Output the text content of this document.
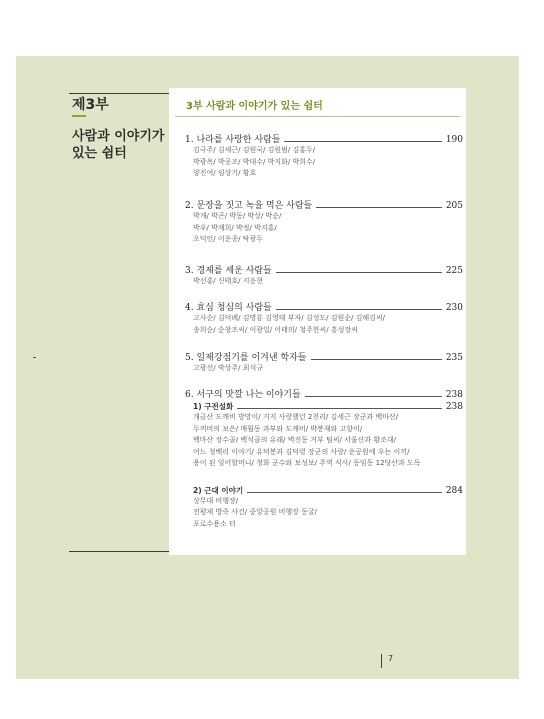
제3부
사람과 이야기가 있는 쉼터
3부 사람과 이야기가 있는 쉼터
1. 나라를 사랑한 사람들	190
김극주/ 김세근/ 김원국/ 김원범/ 김홍두/
박광옥/ 박공조/ 박대수/ 박지화/ 박희수/
양진여/ 임상기/ 황호
2. 문장을 짓고 녹을 먹은 사람들	205
박개/ 박곤/ 박동/ 박상/ 박순/
박우/ 박재희/ 박정/ 박지홍/
오덕인/ 이운종/ 탁광두
3. 경제를 세운 사람들	225
박선홍/ 신태호/ 지응현
4. 효심 청심의 사람들	230
고사순/ 김덕례/ 김명룡 김영태 부자/ 김성도/ 김원순/ 김해김씨/
송희순/ 순창조씨/ 이광일/ 이태의/ 청주한씨/ 흥성장씨
5. 일제강점기를 이겨낸 학자들	235
고광선/ 박상주/ 최석규
6. 서구의 맛깔 나는 이야기들	238
1) 구전설화	238
개금산 도깨비 방망이/ 거지 사랑했던 2천리/ 김세근 장군과 백마산/
두꺼비의 보은/ 매월동 과부와 도깨비/ 박봉재와 고향이/
백마산 장수골/ 백석골의 유래/ 벽진동 거부 팀씨/ 서울산과 황조대/
어느 청백리 이야기/ 유덕봉과 김덕령 장군의 사랑/ 운공원에 우는 이끼/
용이 된 잉어할머니/ 청화 군수와 보성보/ 주역 식사/ 동임동 12당산과 도독
2) 근대 이야기	284
상무대 비행장/
전평제 방죽 사건/ 중앙공원 비행장 동굴/
포로수용소 터
7
